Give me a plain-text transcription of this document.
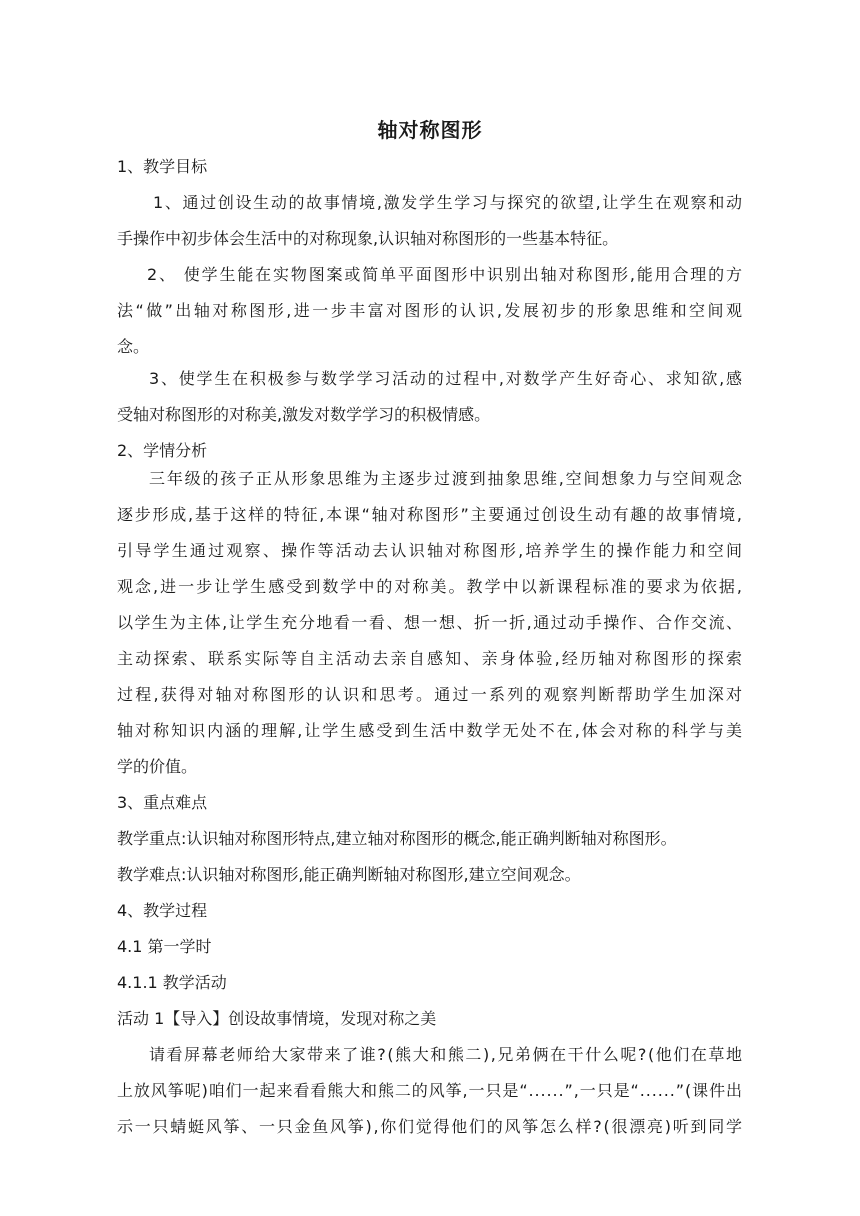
轴对称图形
1、教学目标
1、通过创设生动的故事情境,激发学生学习与探究的欲望,让学生在观察和动
手操作中初步体会生活中的对称现象,认识轴对称图形的一些基本特征。
2、 使学生能在实物图案或简单平面图形中识别出轴对称图形,能用合理的方
法“做”出轴对称图形,进一步丰富对图形的认识,发展初步的形象思维和空间观
念。
3、使学生在积极参与数学学习活动的过程中,对数学产生好奇心、求知欲,感
受轴对称图形的对称美,激发对数学学习的积极情感。
2、学情分析
三年级的孩子正从形象思维为主逐步过渡到抽象思维,空间想象力与空间观念
逐步形成,基于这样的特征,本课“轴对称图形”主要通过创设生动有趣的故事情境,
引导学生通过观察、操作等活动去认识轴对称图形,培养学生的操作能力和空间
观念,进一步让学生感受到数学中的对称美。教学中以新课程标准的要求为依据,
以学生为主体,让学生充分地看一看、想一想、折一折,通过动手操作、合作交流、
主动探索、联系实际等自主活动去亲自感知、亲身体验,经历轴对称图形的探索
过程,获得对轴对称图形的认识和思考。通过一系列的观察判断帮助学生加深对
轴对称知识内涵的理解,让学生感受到生活中数学无处不在,体会对称的科学与美
学的价值。
3、重点难点
教学重点:认识轴对称图形特点,建立轴对称图形的概念,能正确判断轴对称图形。
教学难点:认识轴对称图形,能正确判断轴对称图形,建立空间观念。
4、教学过程
4.1 第一学时
4.1.1 教学活动
活动 1【导入】创设故事情境，发现对称之美
请看屏幕老师给大家带来了谁?(熊大和熊二),兄弟俩在干什么呢?(他们在草地
上放风筝呢)咱们一起来看看熊大和熊二的风筝,一只是“......”,一只是“......”(课件出
示一只蜻蜓风筝、一只金鱼风筝),你们觉得他们的风筝怎么样?(很漂亮)听到同学
